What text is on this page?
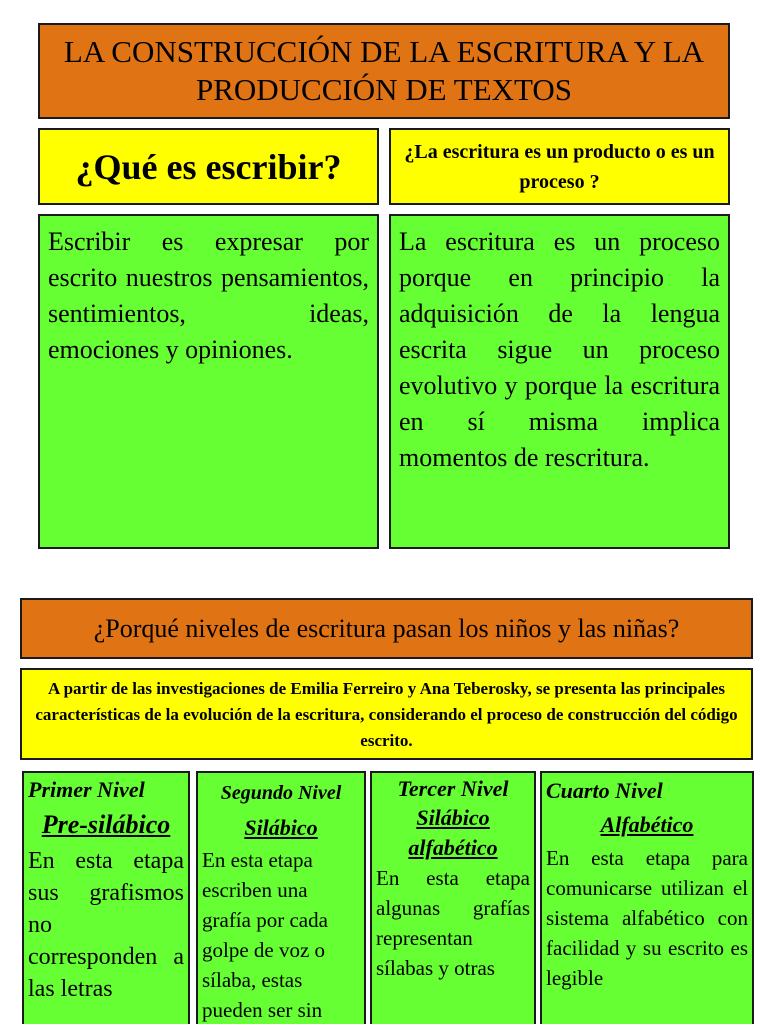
LA CONSTRUCCIÓN DE LA ESCRITURA Y LA PRODUCCIÓN DE TEXTOS
¿Qué es escribir?	¿La escritura es un producto o es un proceso ?
Escribir es expresar por escrito nuestros pensamientos, sentimientos, ideas, emociones y opiniones.
La escritura es un proceso porque en principio la adquisición de la lengua escrita sigue un proceso evolutivo y porque la escritura en sí misma implica momentos de rescritura.
¿Porqué niveles de escritura pasan los niños y las niñas?
A partir de las investigaciones de Emilia Ferreiro y Ana Teberosky, se presenta las principales características de la evolución de la escritura, considerando el proceso de construcción del código escrito.
Primer Nivel
Pre-silábico
En esta etapa sus grafismos no corresponden a las letras
Segundo Nivel
Silábico
En esta etapa escriben una grafía por cada golpe de voz o sílaba, estas pueden ser sin
Tercer Nivel
Silábico alfabético
En esta etapa algunas grafías representan sílabas y otras
Cuarto Nivel
Alfabético
En esta etapa para comunicarse utilizan el sistema alfabético con facilidad y su escrito es legible
